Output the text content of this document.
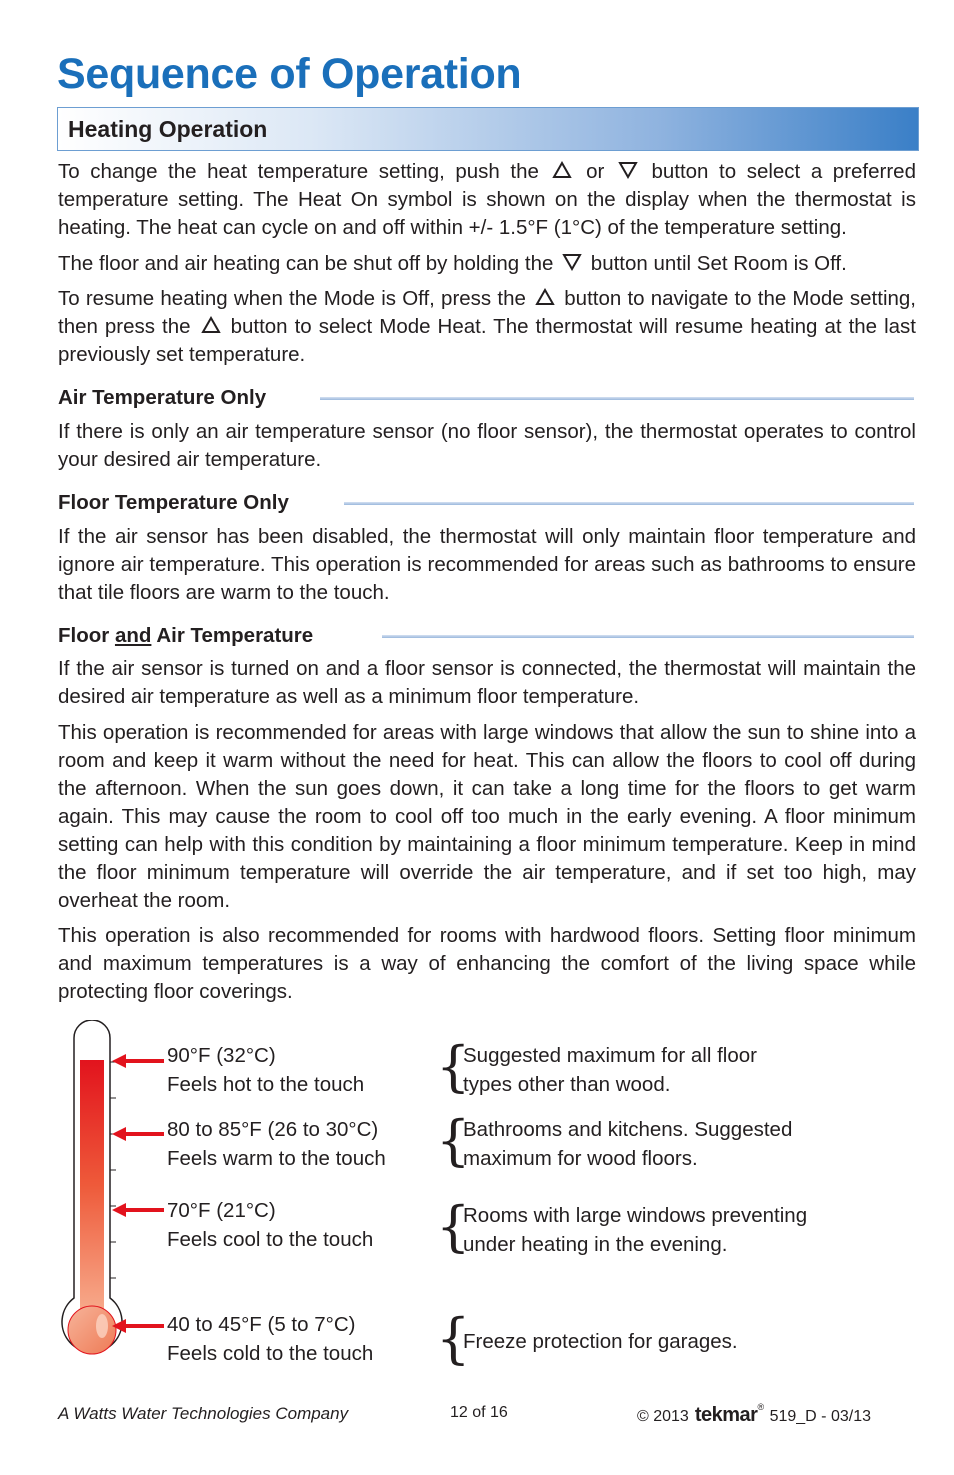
Sequence of Operation
Heating Operation
To change the heat temperature setting, push the or button to select a preferred temperature setting. The Heat On symbol is shown on the display when the thermostat is heating. The heat can cycle on and off within +/- 1.5°F (1°C) of the temperature setting.
The floor and air heating can be shut off by holding the button until Set Room is Off.
To resume heating when the Mode is Off, press the button to navigate to the Mode setting, then press the button to select Mode Heat. The thermostat will resume heating at the last previously set temperature.
Air Temperature Only
If there is only an air temperature sensor (no floor sensor), the thermostat operates to control your desired air temperature.
Floor Temperature Only
If the air sensor has been disabled, the thermostat will only maintain floor temperature and ignore air temperature. This operation is recommended for areas such as bathrooms to ensure that tile floors are warm to the touch.
Floor and Air Temperature
If the air sensor is turned on and a floor sensor is connected, the thermostat will maintain the desired air temperature as well as a minimum floor temperature.
This operation is recommended for areas with large windows that allow the sun to shine into a room and keep it warm without the need for heat. This can allow the floors to cool off during the afternoon. When the sun goes down, it can take a long time for the floors to get warm again. This may cause the room to cool off too much in the early evening. A floor minimum setting can help with this condition by maintaining a floor minimum temperature. Keep in mind the floor minimum temperature will override the air temperature, and if set too high, may overheat the room.
This operation is also recommended for rooms with hardwood floors. Setting floor minimum and maximum temperatures is a way of enhancing the comfort of the living space while protecting floor coverings.
90°F (32°C)
Feels hot to the touch
80 to 85°F (26 to 30°C)
Feels warm to the touch
70°F (21°C)
Feels cool to the touch
40 to 45°F (5 to 7°C)
Feels cold to the touch
{
{
{
{
Suggested maximum for all floor
types other than wood.
Bathrooms and kitchens. Suggested
maximum for wood floors.
Rooms with large windows preventing
under heating in the evening.
Freeze protection for garages.
A Watts Water Technologies Company	12 of 16	© 2013 tekmar®
519_D - 03/13
